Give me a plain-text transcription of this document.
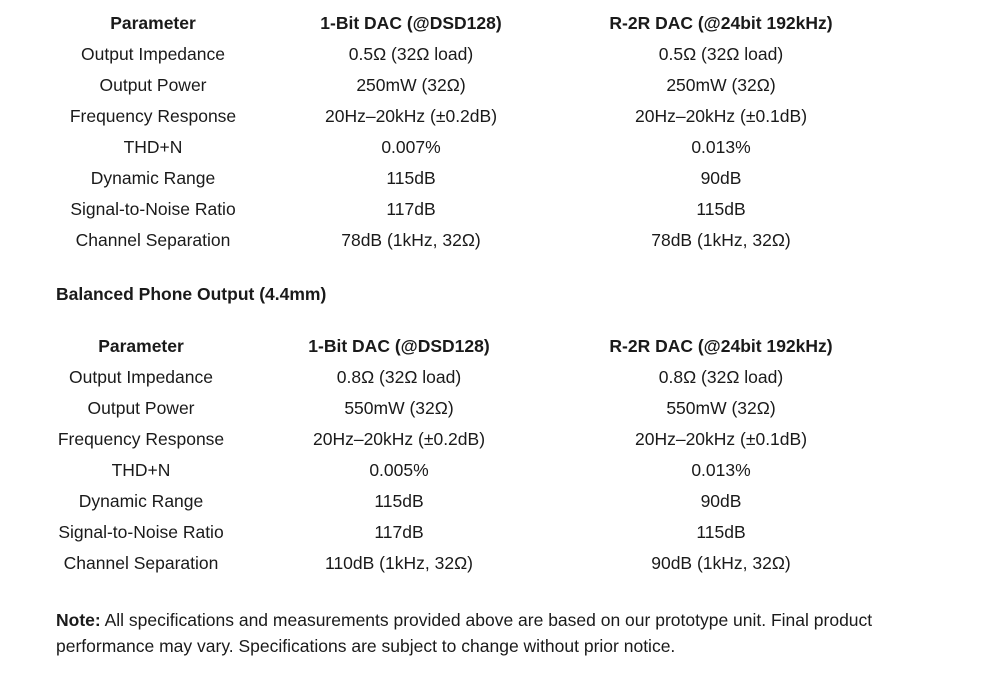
Parameter	1-Bit DAC (@DSD128)	R-2R DAC (@24bit 192kHz)
Output Impedance	0.5Ω (32Ω load)	0.5Ω (32Ω load)
Output Power	250mW (32Ω)	250mW (32Ω)
Frequency Response	20Hz–20kHz (±0.2dB)	20Hz–20kHz (±0.1dB)
THD+N	0.007%	0.013%
Dynamic Range	115dB	90dB
Signal-to-Noise Ratio	117dB	115dB
Channel Separation	78dB (1kHz, 32Ω)	78dB (1kHz, 32Ω)
Balanced Phone Output (4.4mm)
Parameter	1-Bit DAC (@DSD128)	R-2R DAC (@24bit 192kHz)
Output Impedance	0.8Ω (32Ω load)	0.8Ω (32Ω load)
Output Power	550mW (32Ω)	550mW (32Ω)
Frequency Response	20Hz–20kHz (±0.2dB)	20Hz–20kHz (±0.1dB)
THD+N	0.005%	0.013%
Dynamic Range	115dB	90dB
Signal-to-Noise Ratio	117dB	115dB
Channel Separation	110dB (1kHz, 32Ω)	90dB (1kHz, 32Ω)
Note: All specifications and measurements provided above are based on our prototype unit. Final product performance may vary. Specifications are subject to change without prior notice.
